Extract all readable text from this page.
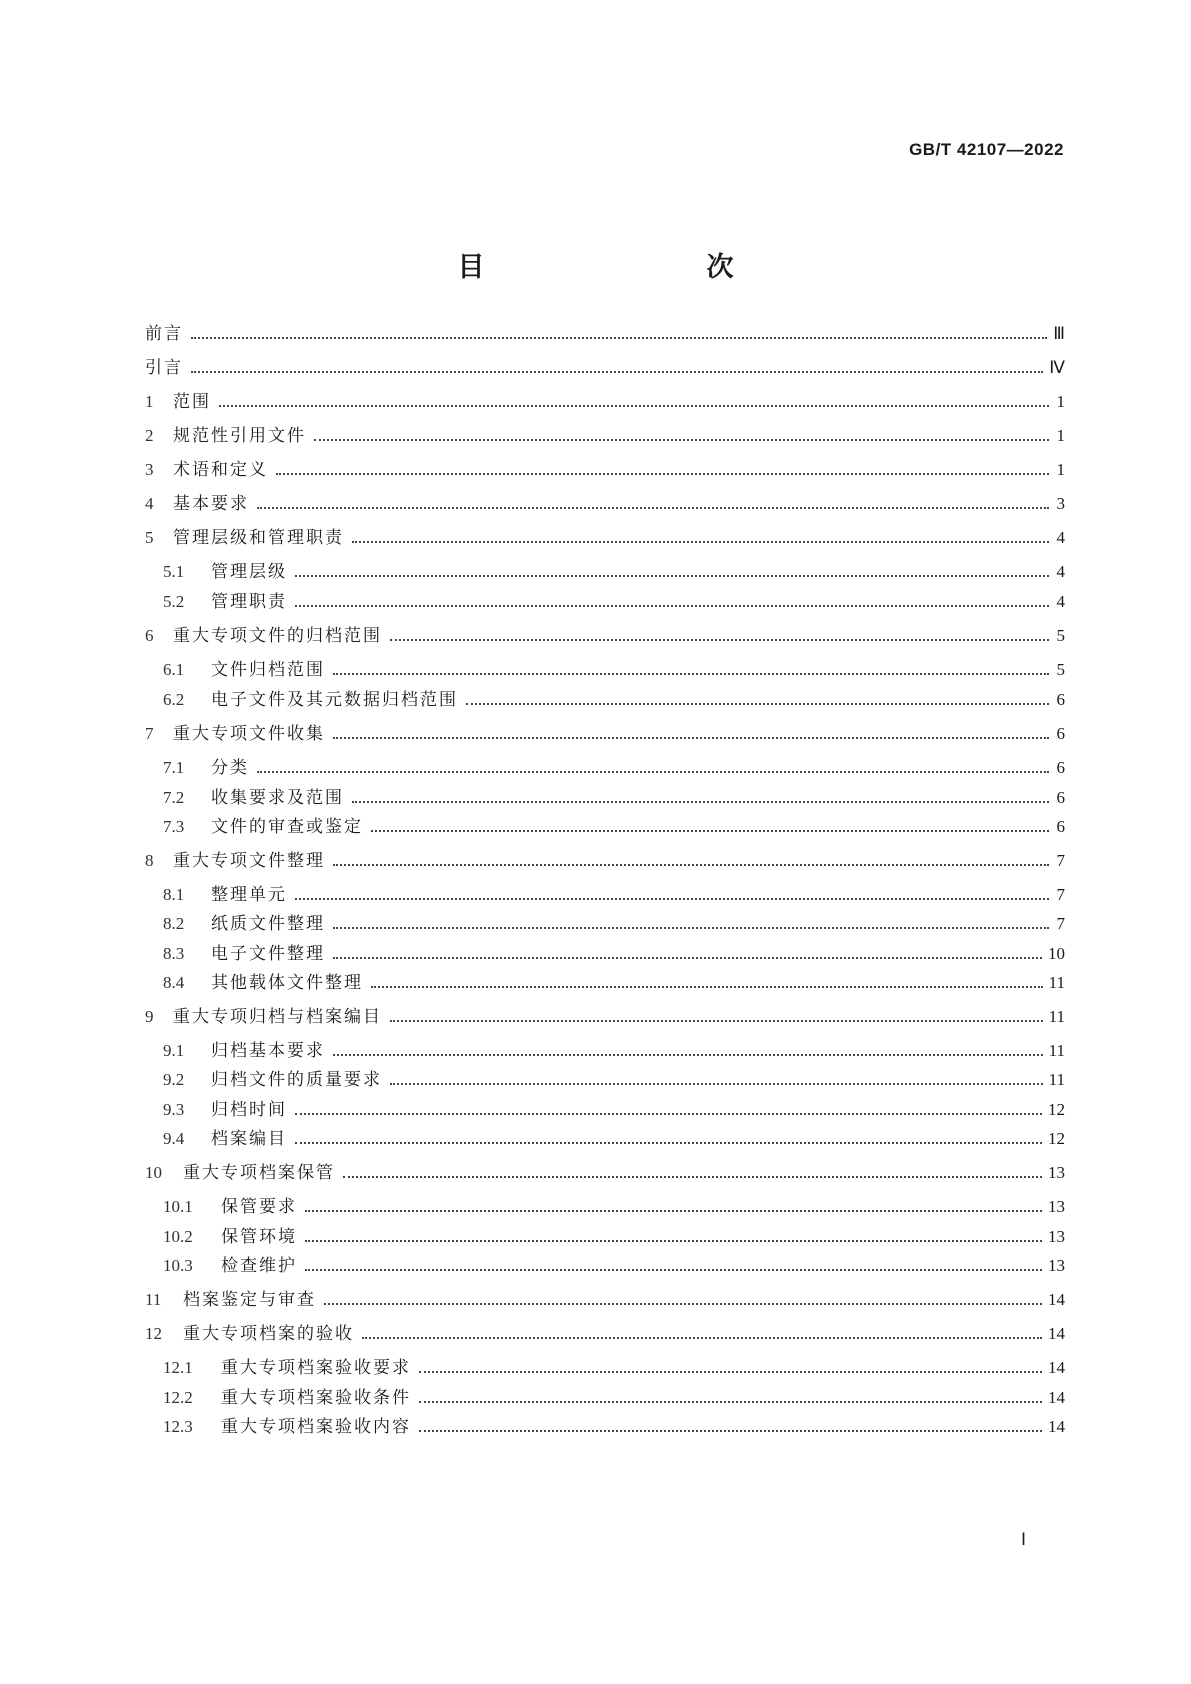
GB/T 42107—2022
目　　次
前言	Ⅲ
引言	Ⅳ
1	范围	1
2	规范性引用文件	1
3	术语和定义	1
4	基本要求	3
5	管理层级和管理职责	4
5.1	管理层级	4
5.2	管理职责	4
6	重大专项文件的归档范围	5
6.1	文件归档范围	5
6.2	电子文件及其元数据归档范围	6
7	重大专项文件收集	6
7.1	分类	6
7.2	收集要求及范围	6
7.3	文件的审查或鉴定	6
8	重大专项文件整理	7
8.1	整理单元	7
8.2	纸质文件整理	7
8.3	电子文件整理	10
8.4	其他载体文件整理	11
9	重大专项归档与档案编目	11
9.1	归档基本要求	11
9.2	归档文件的质量要求	11
9.3	归档时间	12
9.4	档案编目	12
10	重大专项档案保管	13
10.1	保管要求	13
10.2	保管环境	13
10.3	检查维护	13
11	档案鉴定与审查	14
12	重大专项档案的验收	14
12.1	重大专项档案验收要求	14
12.2	重大专项档案验收条件	14
12.3	重大专项档案验收内容	14
Ⅰ
